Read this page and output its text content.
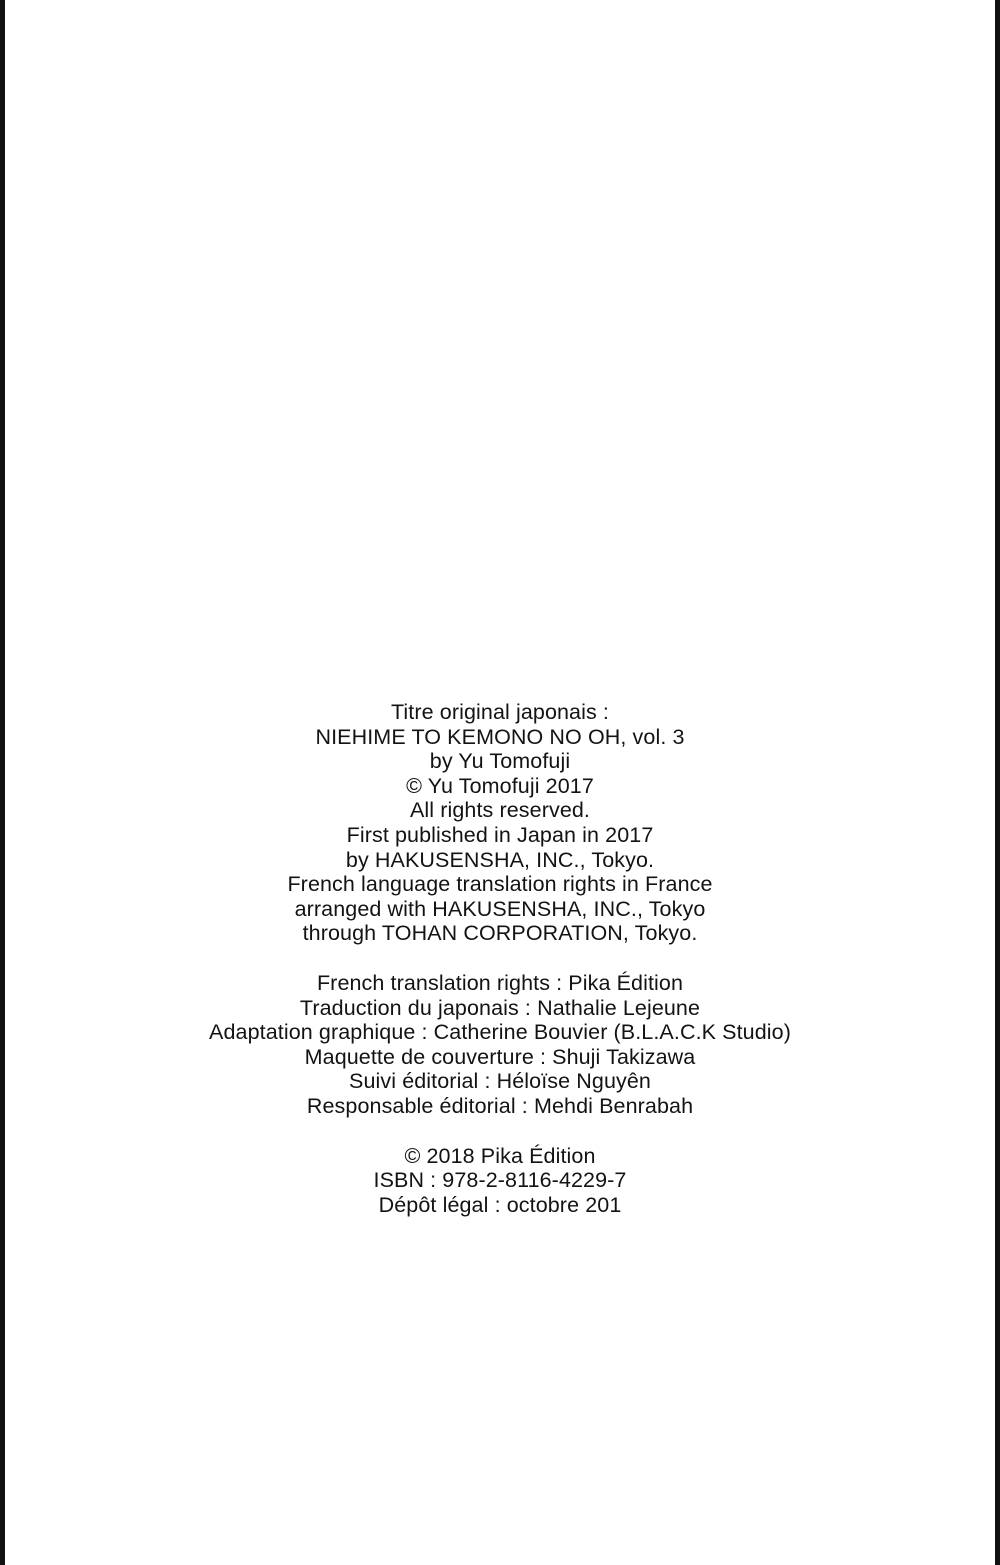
Titre original japonais :
NIEHIME TO KEMONO NO OH, vol. 3
by Yu Tomofuji
© Yu Tomofuji 2017
All rights reserved.
First published in Japan in 2017
by HAKUSENSHA, INC., Tokyo.
French language translation rights in France
arranged with HAKUSENSHA, INC., Tokyo
through TOHAN CORPORATION, Tokyo.
French translation rights : Pika Édition
Traduction du japonais : Nathalie Lejeune
Adaptation graphique : Catherine Bouvier (B.L.A.C.K Studio)
Maquette de couverture : Shuji Takizawa
Suivi éditorial : Héloïse Nguyên
Responsable éditorial : Mehdi Benrabah
© 2018 Pika Édition
ISBN : 978-2-8116-4229-7
Dépôt légal : octobre 201
